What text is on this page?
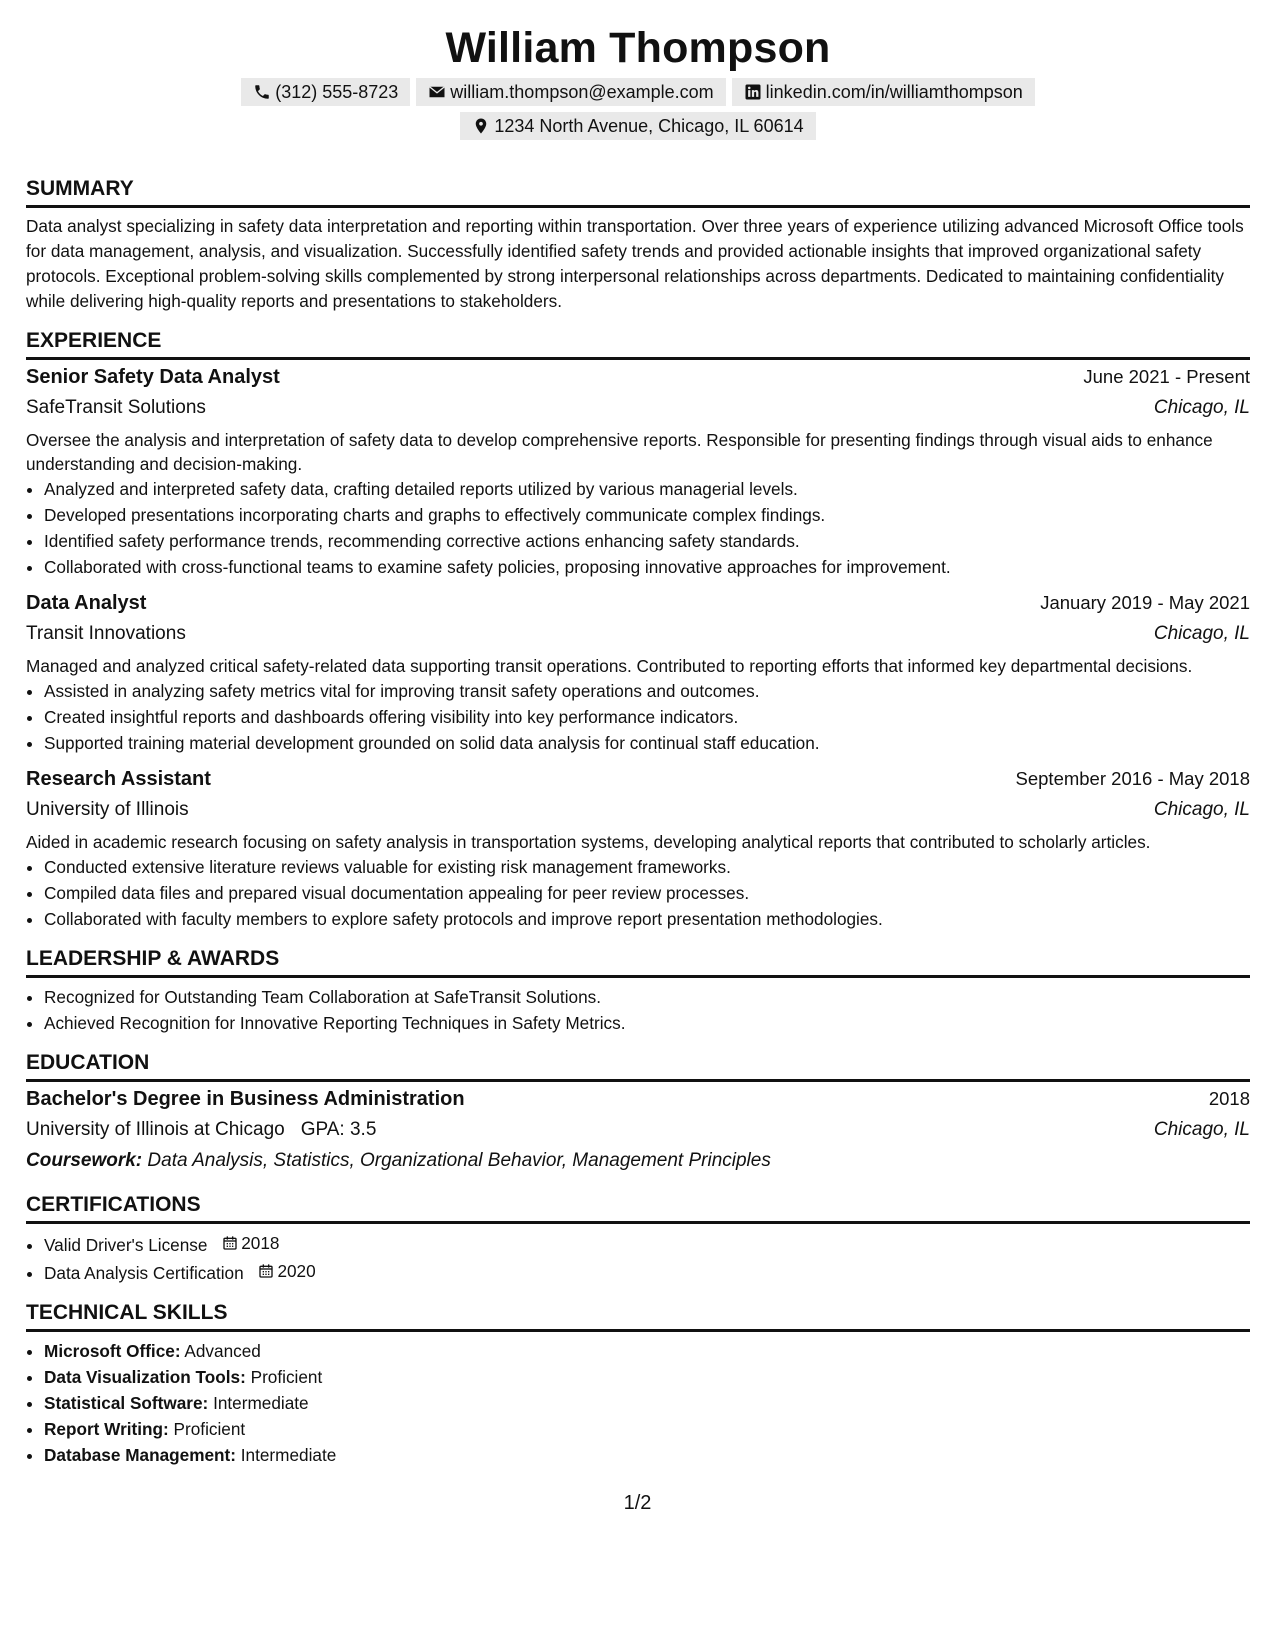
William Thompson
(312) 555-8723	william.thompson@example.com	linkedin.com/in/williamthompson
1234 North Avenue, Chicago, IL 60614
SUMMARY

Data analyst specializing in safety data interpretation and reporting within transportation. Over three years of experience utilizing advanced Microsoft Office tools for data management, analysis, and visualization. Successfully identified safety trends and provided actionable insights that improved organizational safety protocols. Exceptional problem-solving skills complemented by strong interpersonal relationships across departments. Dedicated to maintaining confidentiality while delivering high-quality reports and presentations to stakeholders.

EXPERIENCE
Senior Safety Data Analyst	June 2021 - Present
SafeTransit Solutions	Chicago, IL
Oversee the analysis and interpretation of safety data to develop comprehensive reports. Responsible for presenting findings through visual aids to enhance understanding and decision-making.
• Analyzed and interpreted safety data, crafting detailed reports utilized by various managerial levels.
• Developed presentations incorporating charts and graphs to effectively communicate complex findings.
• Identified safety performance trends, recommending corrective actions enhancing safety standards.
• Collaborated with cross-functional teams to examine safety policies, proposing innovative approaches for improvement.
Data Analyst	January 2019 - May 2021
Transit Innovations	Chicago, IL
Managed and analyzed critical safety-related data supporting transit operations. Contributed to reporting efforts that informed key departmental decisions.
• Assisted in analyzing safety metrics vital for improving transit safety operations and outcomes.
• Created insightful reports and dashboards offering visibility into key performance indicators.
• Supported training material development grounded on solid data analysis for continual staff education.
Research Assistant	September 2016 - May 2018
University of Illinois	Chicago, IL
Aided in academic research focusing on safety analysis in transportation systems, developing analytical reports that contributed to scholarly articles.
• Conducted extensive literature reviews valuable for existing risk management frameworks.
• Compiled data files and prepared visual documentation appealing for peer review processes.
• Collaborated with faculty members to explore safety protocols and improve report presentation methodologies.
LEADERSHIP & AWARDS
• Recognized for Outstanding Team Collaboration at SafeTransit Solutions.
• Achieved Recognition for Innovative Reporting Techniques in Safety Metrics.
EDUCATION
Bachelor's Degree in Business Administration	2018
University of Illinois at Chicago GPA: 3.5	Chicago, IL
Coursework: Data Analysis, Statistics, Organizational Behavior, Management Principles
CERTIFICATIONS
• Valid Driver's License 2018
• Data Analysis Certification 2020
TECHNICAL SKILLS
• Microsoft Office: Advanced
• Data Visualization Tools: Proficient
• Statistical Software: Intermediate
• Report Writing: Proficient
• Database Management: Intermediate
1/2
